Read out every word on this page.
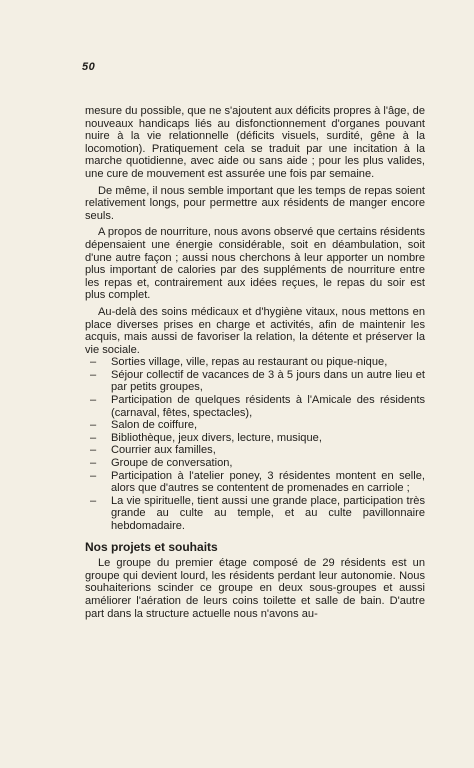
50

mesure du possible, que ne s'ajoutent aux déficits propres à l'âge, de nouveaux handicaps liés au disfonctionnement d'organes pouvant nuire à la vie relationnelle (déficits visuels, surdité, gêne à la locomotion). Pratiquement cela se traduit par une incitation à la marche quotidienne, avec aide ou sans aide ; pour les plus valides, une cure de mouvement est assurée une fois par semaine.

De même, il nous semble important que les temps de repas soient relativement longs, pour permettre aux résidents de manger encore seuls.

A propos de nourriture, nous avons observé que certains résidents dépensaient une énergie considérable, soit en déambulation, soit d'une autre façon ; aussi nous cherchons à leur apporter un nombre plus important de calories par des suppléments de nourriture entre les repas et, contrairement aux idées reçues, le repas du soir est plus complet.

Au-delà des soins médicaux et d'hygiène vitaux, nous mettons en place diverses prises en charge et activités, afin de maintenir les acquis, mais aussi de favoriser la relation, la détente et préserver la vie sociale.

– Sorties village, ville, repas au restaurant ou pique-nique,
– Séjour collectif de vacances de 3 à 5 jours dans un autre lieu et par petits groupes,
– Participation de quelques résidents à l'Amicale des résidents (carnaval, fêtes, spectacles),
– Salon de coiffure,
– Bibliothèque, jeux divers, lecture, musique,
– Courrier aux familles,
– Groupe de conversation,
– Participation à l'atelier poney, 3 résidentes montent en selle, alors que d'autres se contentent de promenades en carriole ;
– La vie spirituelle, tient aussi une grande place, participation très grande au culte au temple, et au culte pavillonnaire hebdomadaire.
Nos projets et souhaits

Le groupe du premier étage composé de 29 résidents est un groupe qui devient lourd, les résidents perdant leur autonomie. Nous souhaiterions scinder ce groupe en deux sous-groupes et aussi améliorer l'aération de leurs coins toilette et salle de bain. D'autre part dans la structure actuelle nous n'avons au-
